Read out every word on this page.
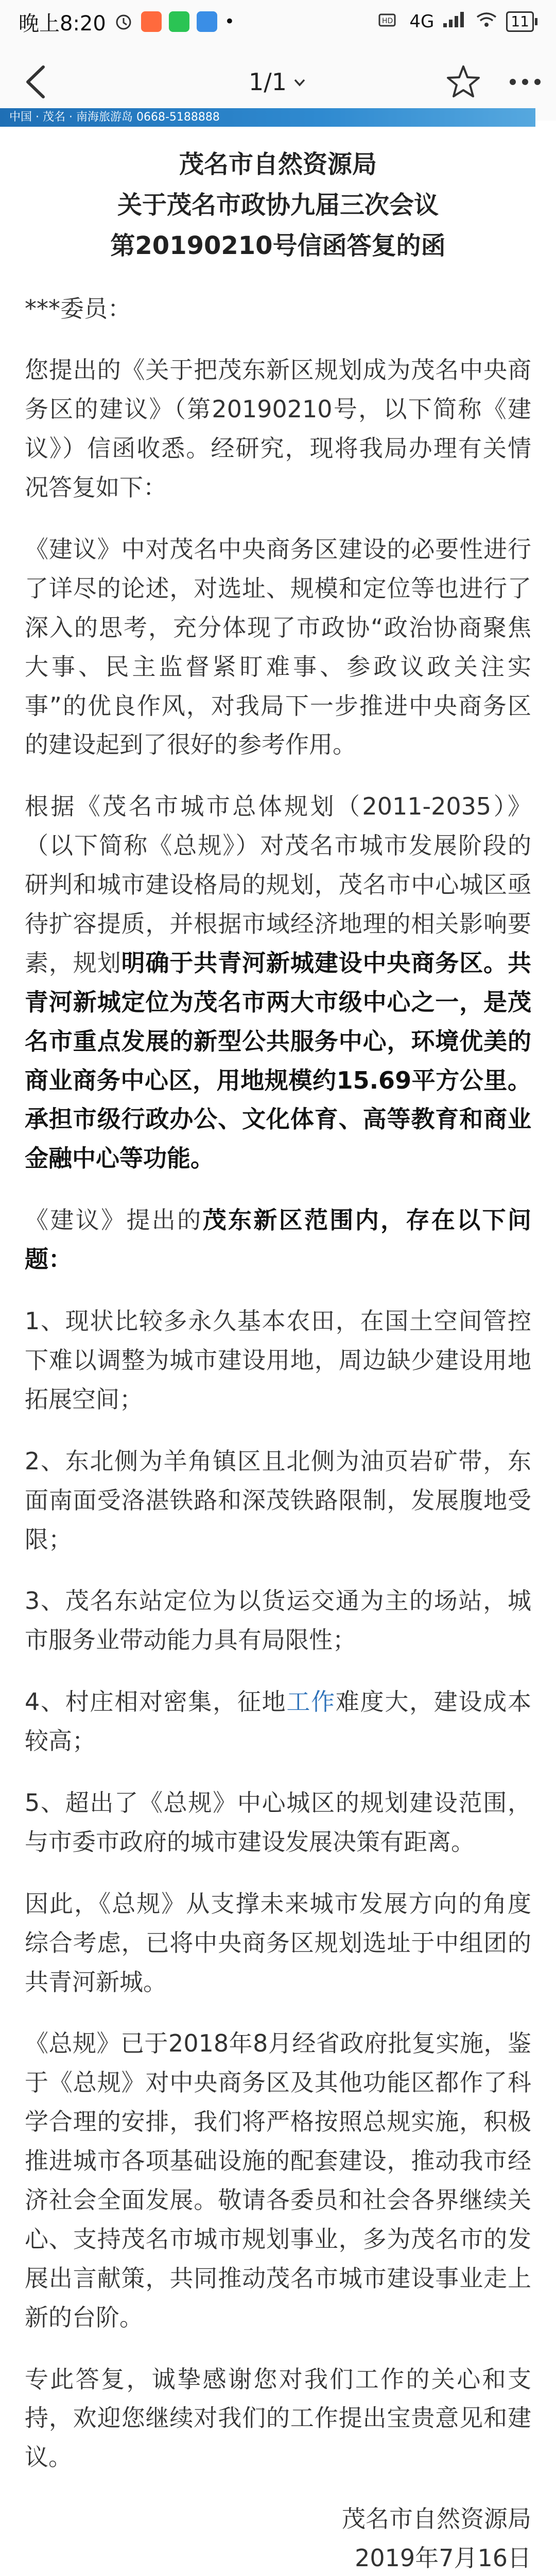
晚上8:20	•	HD 4G	11
1/1
中国 · 茂名 · 南海旅游岛 0668-5188888
茂名市自然资源局
关于茂名市政协九届三次会议
第20190210号信函答复的函

***委员：

您提出的《关于把茂东新区规划成为茂名中央商务区的建议》（第20190210号，以下简称《建议》）信函收悉。经研究，现将我局办理有关情况答复如下：

《建议》中对茂名中央商务区建设的必要性进行了详尽的论述，对选址、规模和定位等也进行了深入的思考，充分体现了市政协“政治协商聚焦大事、民主监督紧盯难事、参政议政关注实事”的优良作风，对我局下一步推进中央商务区的建设起到了很好的参考作用。

根据《茂名市城市总体规划（2011-2035）》（以下简称《总规》）对茂名市城市发展阶段的研判和城市建设格局的规划，茂名市中心城区亟待扩容提质，并根据市域经济地理的相关影响要素，规划明确于共青河新城建设中央商务区。共青河新城定位为茂名市两大市级中心之一，是茂名市重点发展的新型公共服务中心，环境优美的商业商务中心区，用地规模约15.69平方公里。承担市级行政办公、文化体育、高等教育和商业金融中心等功能。

《建议》提出的茂东新区范围内，存在以下问题：

1、现状比较多永久基本农田，在国土空间管控下难以调整为城市建设用地，周边缺少建设用地拓展空间；

2、东北侧为羊角镇区且北侧为油页岩矿带，东面南面受洛湛铁路和深茂铁路限制，发展腹地受限；

3、茂名东站定位为以货运交通为主的场站，城市服务业带动能力具有局限性；

4、村庄相对密集，征地工作难度大，建设成本较高；

5、超出了《总规》中心城区的规划建设范围，与市委市政府的城市建设发展决策有距离。

因此，《总规》从支撑未来城市发展方向的角度综合考虑，已将中央商务区规划选址于中组团的共青河新城。

《总规》已于2018年8月经省政府批复实施，鉴于《总规》对中央商务区及其他功能区都作了科学合理的安排，我们将严格按照总规实施，积极推进城市各项基础设施的配套建设，推动我市经济社会全面发展。敬请各委员和社会各界继续关心、支持茂名市城市规划事业，多为茂名市的发展出言献策，共同推动茂名市城市建设事业走上新的台阶。

专此答复，诚挚感谢您对我们工作的关心和支持，欢迎您继续对我们的工作提出宝贵意见和建议。

茂名市自然资源局

2019年7月16日
